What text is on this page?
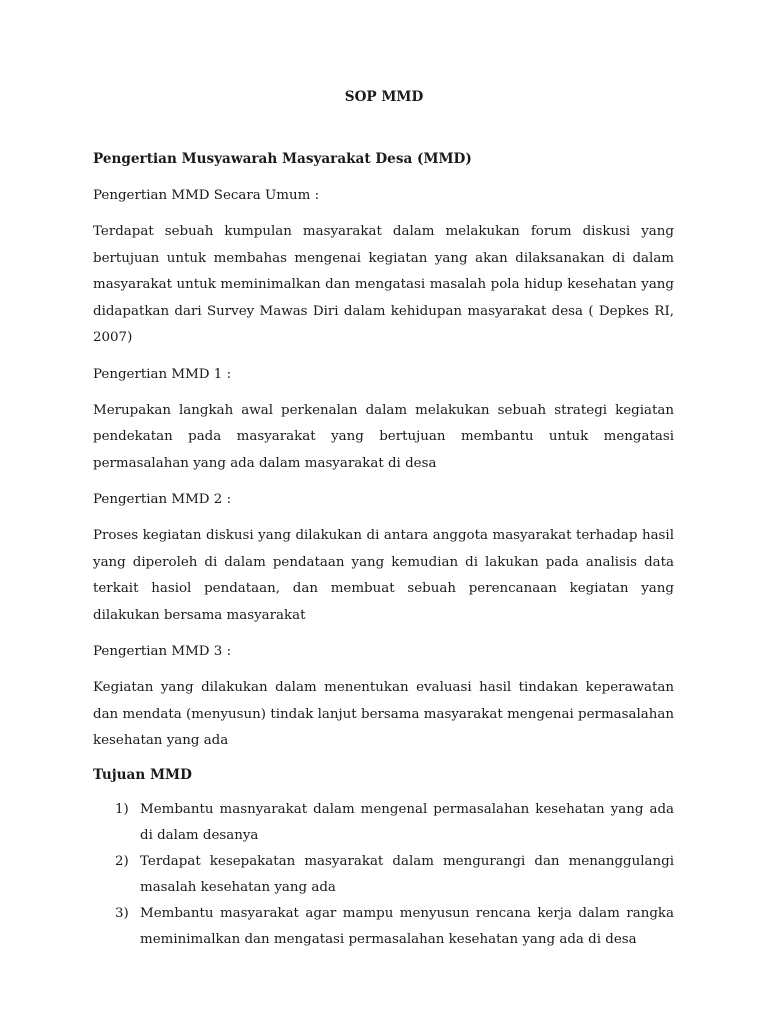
SOP MMD

Pengertian Musyawarah Masyarakat Desa (MMD)

Pengertian MMD Secara Umum :

Terdapat sebuah kumpulan masyarakat dalam melakukan forum diskusi yang bertujuan untuk membahas mengenai kegiatan yang akan dilaksanakan di dalam masyarakat untuk meminimalkan dan mengatasi masalah pola hidup kesehatan yang didapatkan dari Survey Mawas Diri dalam kehidupan masyarakat desa ( Depkes RI, 2007)

Pengertian MMD 1 :

Merupakan langkah awal perkenalan dalam melakukan sebuah strategi kegiatan pendekatan pada masyarakat yang bertujuan membantu untuk mengatasi permasalahan yang ada dalam masyarakat di desa

Pengertian MMD 2 :

Proses kegiatan diskusi yang dilakukan di antara anggota masyarakat terhadap hasil yang diperoleh di dalam pendataan yang kemudian di lakukan pada analisis data terkait hasiol pendataan, dan membuat sebuah perencanaan kegiatan yang dilakukan bersama masyarakat

Pengertian MMD 3 :

Kegiatan yang dilakukan dalam menentukan evaluasi hasil tindakan keperawatan dan mendata (menyusun) tindak lanjut bersama masyarakat mengenai permasalahan kesehatan yang ada

Tujuan MMD

1) Membantu masnyarakat dalam mengenal permasalahan kesehatan yang ada di dalam desanya
2) Terdapat kesepakatan masyarakat dalam mengurangi dan menanggulangi masalah kesehatan yang ada
3) Membantu masyarakat agar mampu menyusun rencana kerja dalam rangka meminimalkan dan mengatasi permasalahan kesehatan yang ada di desa
